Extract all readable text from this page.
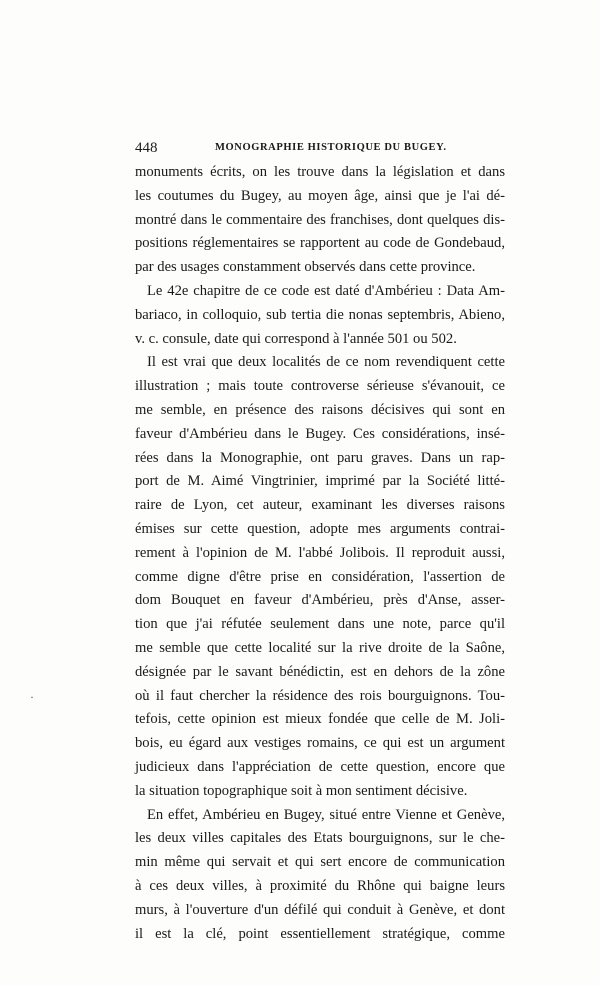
448	MONOGRAPHIE HISTORIQUE DU BUGEY.
monuments écrits, on les trouve dans la législation et dans
les coutumes du Bugey, au moyen âge, ainsi que je l'ai dé-
montré dans le commentaire des franchises, dont quelques dis-
positions réglementaires se rapportent au code de Gondebaud,
par des usages constamment observés dans cette province.
Le 42e chapitre de ce code est daté d'Ambérieu : Data Am-
bariaco, in colloquio, sub tertia die nonas septembris, Abieno,
v. c. consule, date qui correspond à l'année 501 ou 502.
Il est vrai que deux localités de ce nom revendiquent cette
illustration ; mais toute controverse sérieuse s'évanouit, ce
me semble, en présence des raisons décisives qui sont en
faveur d'Ambérieu dans le Bugey. Ces considérations, insé-
rées dans la Monographie, ont paru graves. Dans un rap-
port de M. Aimé Vingtrinier, imprimé par la Société litté-
raire de Lyon, cet auteur, examinant les diverses raisons
émises sur cette question, adopte mes arguments contrai-
rement à l'opinion de M. l'abbé Jolibois. Il reproduit aussi,
comme digne d'être prise en considération, l'assertion de
dom Bouquet en faveur d'Ambérieu, près d'Anse, asser-
tion que j'ai réfutée seulement dans une note, parce qu'il
me semble que cette localité sur la rive droite de la Saône,
désignée par le savant bénédictin, est en dehors de la zône
où il faut chercher la résidence des rois bourguignons. Tou-
tefois, cette opinion est mieux fondée que celle de M. Joli-
bois, eu égard aux vestiges romains, ce qui est un argument
judicieux dans l'appréciation de cette question, encore que
la situation topographique soit à mon sentiment décisive.
En effet, Ambérieu en Bugey, situé entre Vienne et Genève,
les deux villes capitales des Etats bourguignons, sur le che-
min même qui servait et qui sert encore de communication
à ces deux villes, à proximité du Rhône qui baigne leurs
murs, à l'ouverture d'un défilé qui conduit à Genève, et dont
il est la clé, point essentiellement stratégique, comme
·
